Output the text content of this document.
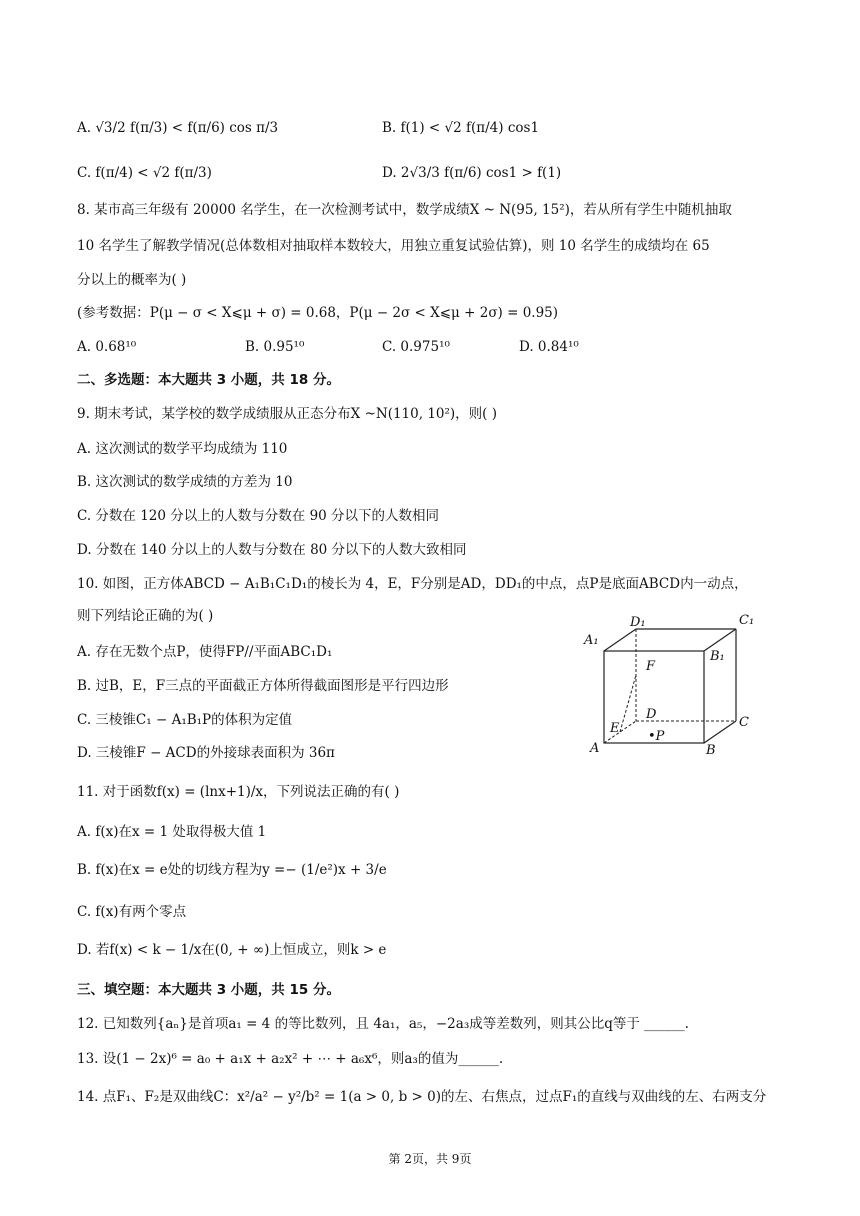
A. √3/2 f(π/3) < f(π/6) cos π/3	B. f(1) < √2 f(π/4) cos1
C. f(π/4) < √2 f(π/3)	D. 2√3/3 f(π/6) cos1 > f(1)
8. 某市高三年级有 20000 名学生，在一次检测考试中，数学成绩X ~ N(95, 15²)，若从所有学生中随机抽取
10 名学生了解教学情况(总体数相对抽取样本数较大，用独立重复试验估算)，则 10 名学生的成绩均在 65
分以上的概率为( )
(参考数据：P(μ − σ < X⩽μ + σ) = 0.68，P(μ − 2σ < X⩽μ + 2σ) = 0.95)
A. 0.68¹⁰	B. 0.95¹⁰	C. 0.975¹⁰	D. 0.84¹⁰
二、多选题：本大题共 3 小题，共 18 分。
9. 期末考试，某学校的数学成绩服从正态分布X ~N(110, 10²)，则( )
A. 这次测试的数学平均成绩为 110
B. 这次测试的数学成绩的方差为 10
C. 分数在 120 分以上的人数与分数在 90 分以下的人数相同
D. 分数在 140 分以上的人数与分数在 80 分以下的人数大致相同
10. 如图，正方体ABCD − A₁B₁C₁D₁的棱长为 4，E，F分别是AD，DD₁的中点，点P是底面ABCD内一动点，
则下列结论正确的为( )
A. 存在无数个点P，使得FP//平面ABC₁D₁
B. 过B，E，F三点的平面截正方体所得截面图形是平行四边形
C. 三棱锥C₁ − A₁B₁P的体积为定值
D. 三棱锥F − ACD的外接球表面积为 36π
D₁	C₁
A₁
B₁
F
D
C
E
•P
A	B
11. 对于函数f(x) = (lnx+1)/x，下列说法正确的有( )
A. f(x)在x = 1 处取得极大值 1
B. f(x)在x = e处的切线方程为y =− (1/e²)x + 3/e
C. f(x)有两个零点
D. 若f(x) < k − 1/x在(0, + ∞)上恒成立，则k > e
三、填空题：本大题共 3 小题，共 15 分。
12. 已知数列{aₙ}是首项a₁ = 4 的等比数列，且 4a₁，a₅，−2a₃成等差数列，则其公比q等于 ______.
13. 设(1 − 2x)⁶ = a₀ + a₁x + a₂x² + ⋯ + a₆x⁶，则a₃的值为______.
14. 点F₁、F₂是双曲线C：x²/a² − y²/b² = 1(a > 0, b > 0)的左、右焦点，过点F₁的直线与双曲线的左、右两支分
第 2页，共 9页
